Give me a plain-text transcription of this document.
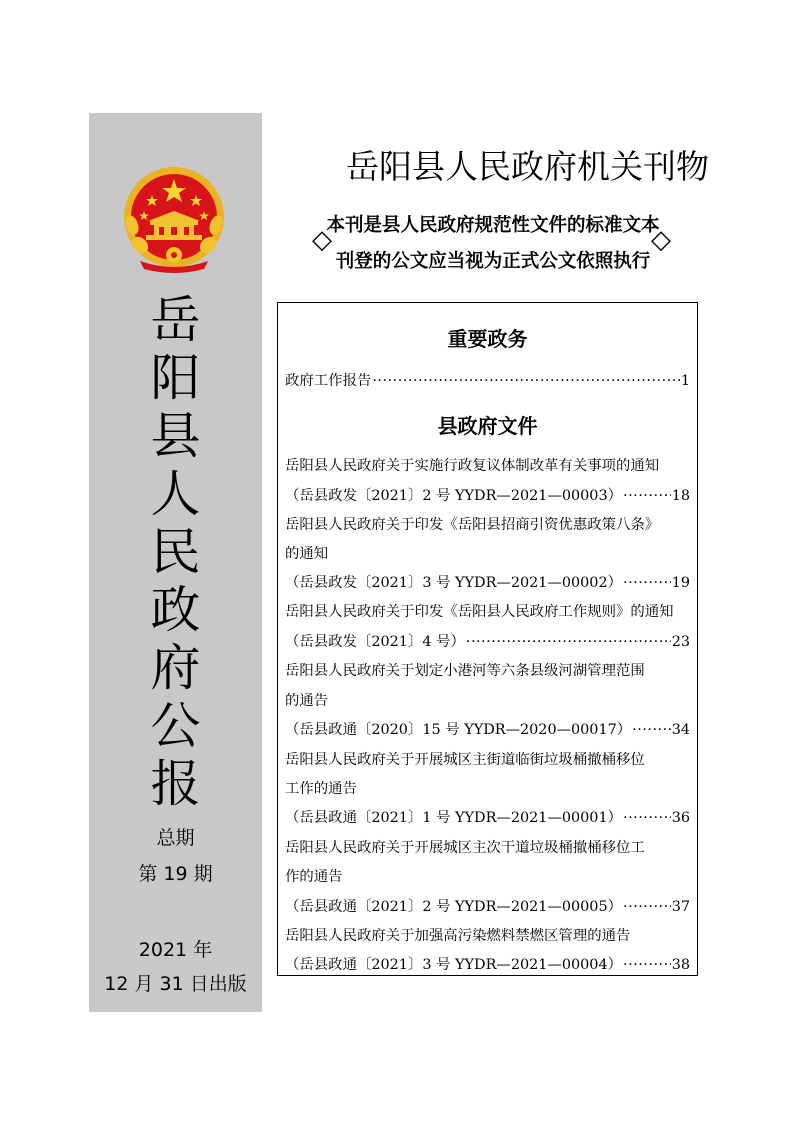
岳
阳
县
人
民
政
府
公
报
总期
第 19 期
2021 年
12 月 31 日出版
岳阳县人民政府机关刊物
◇
本刊是县人民政府规范性文件的标准文本
刊登的公文应当视为正式公文依照执行
◇
重要政务
政府工作报告 ·····	1
县政府文件
岳阳县人民政府关于实施行政复议体制改革有关事项的通知
（岳县政发〔2021〕2 号 YYDR—2021—00003） ·····	18
岳阳县人民政府关于印发《岳阳县招商引资优惠政策八条》
的通知
（岳县政发〔2021〕3 号 YYDR—2021—00002） ·····	19
岳阳县人民政府关于印发《岳阳县人民政府工作规则》的通知
（岳县政发〔2021〕4 号） ·····	23
岳阳县人民政府关于划定小港河等六条县级河湖管理范围
的通告
（岳县政通〔2020〕15 号 YYDR—2020—00017） ·····	34
岳阳县人民政府关于开展城区主街道临街垃圾桶撤桶移位
工作的通告
（岳县政通〔2021〕1 号 YYDR—2021—00001） ·····	36
岳阳县人民政府关于开展城区主次干道垃圾桶撤桶移位工
作的通告
（岳县政通〔2021〕2 号 YYDR—2021—00005） ·····	37
岳阳县人民政府关于加强高污染燃料禁燃区管理的通告
（岳县政通〔2021〕3 号 YYDR—2021—00004） ·····	38
